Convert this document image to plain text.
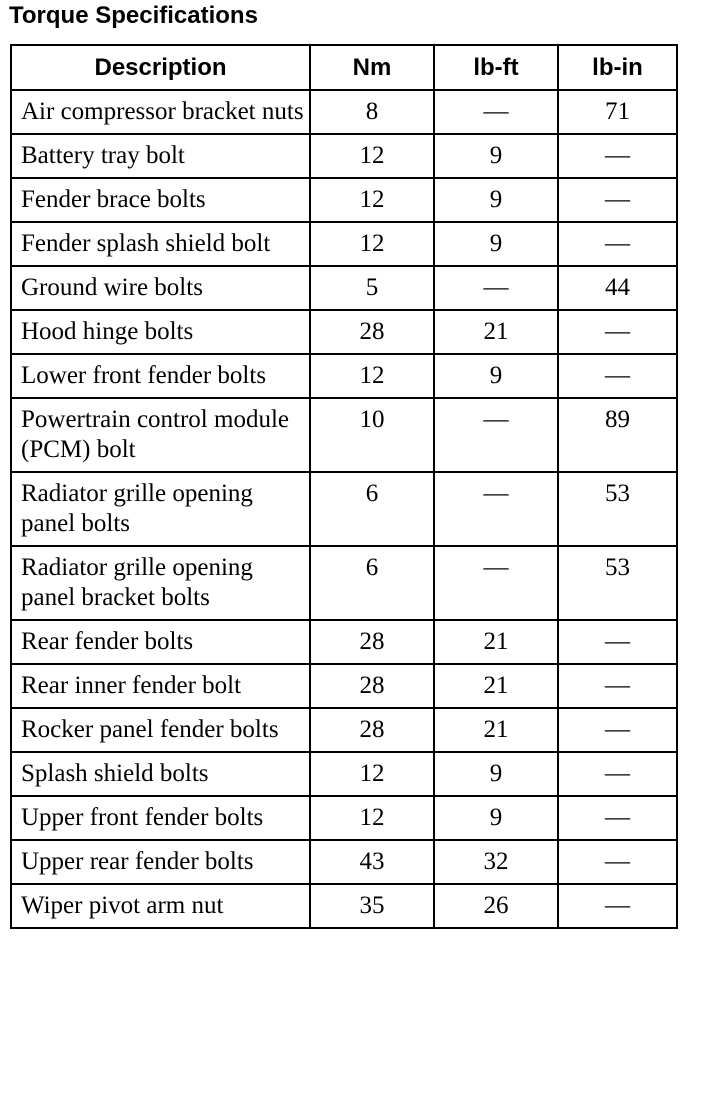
Torque Specifications
Description	Nm	lb-ft	lb-in
Air compressor bracket nuts	8	—	71
Battery tray bolt	12	9	—
Fender brace bolts	12	9	—
Fender splash shield bolt	12	9	—
Ground wire bolts	5	—	44
Hood hinge bolts	28	21	—
Lower front fender bolts	12	9	—
Powertrain control module (PCM) bolt	10	—	89
Radiator grille opening panel bolts	6	—	53
Radiator grille opening panel bracket bolts	6	—	53
Rear fender bolts	28	21	—
Rear inner fender bolt	28	21	—
Rocker panel fender bolts	28	21	—
Splash shield bolts	12	9	—
Upper front fender bolts	12	9	—
Upper rear fender bolts	43	32	—
Wiper pivot arm nut	35	26	—
